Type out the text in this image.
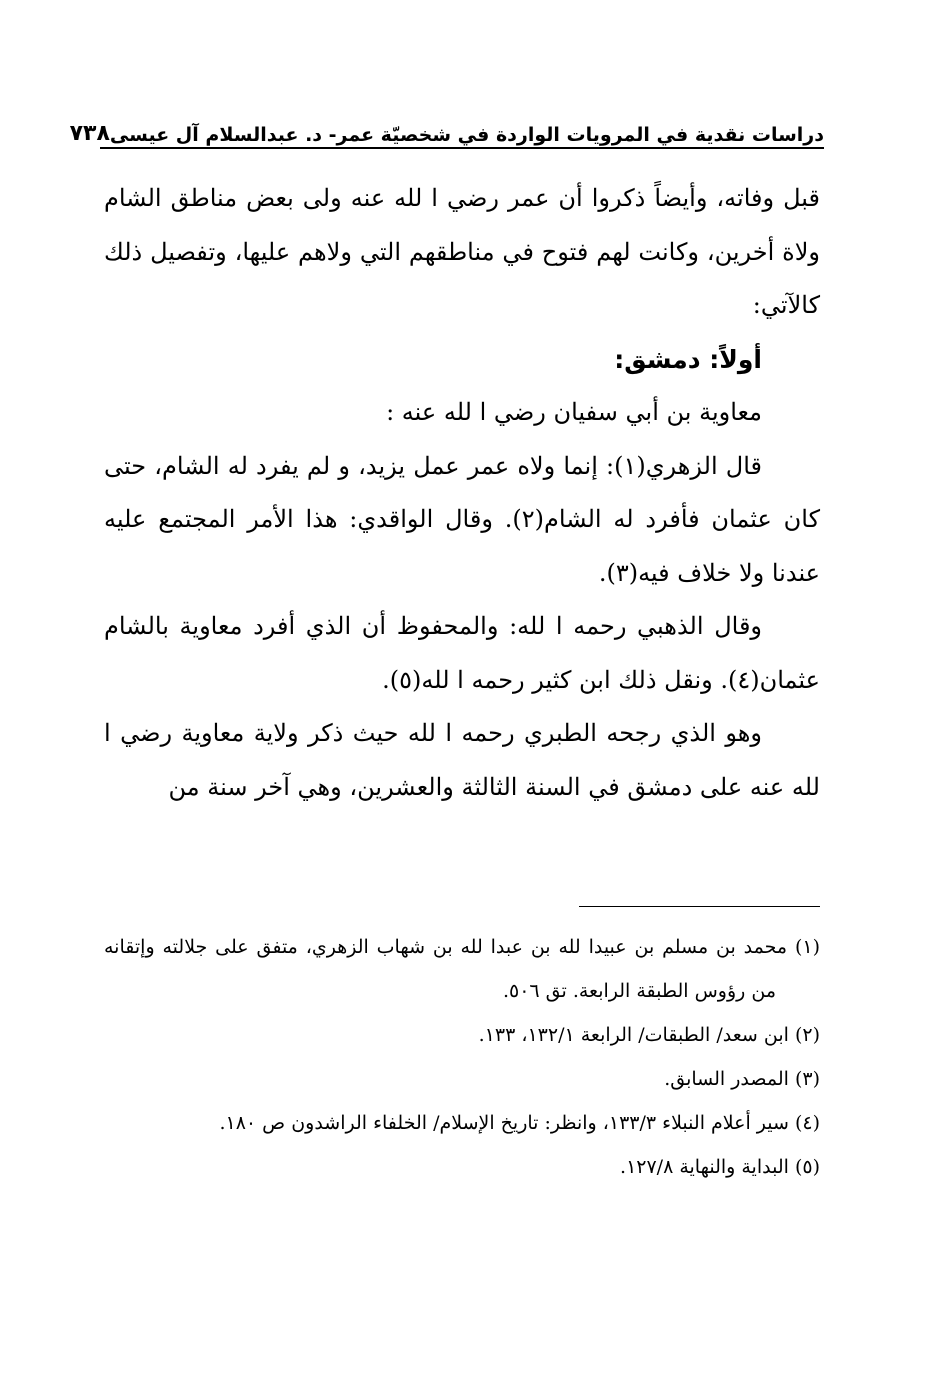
دراسات نقدية في المرويات الواردة في شخصيّة عمر- د. عبدالسلام آل عيسى
٧٣٨

قبل وفاته، وأيضاً ذكروا أن عمر رضي ا لله عنه ولى بعض مناطق الشام ولاة أخرين، وكانت لهم فتوح في مناطقهم التي ولاهم عليها، وتفصيل ذلك كالآتي:

أولاً: دمشق:

معاوية بن أبي سفيان رضي ا لله عنه :

قال الزهري(١): إنما ولاه عمر عمل يزيد، و لم يفرد له الشام، حتى كان عثمان فأفرد له الشام(٢). وقال الواقدي: هذا الأمر المجتمع عليه عندنا ولا خلاف فيه(٣).

وقال الذهبي رحمه ا لله: والمحفوظ أن الذي أفرد معاوية بالشام عثمان(٤). ونقل ذلك ابن كثير رحمه ا لله(٥).

وهو الذي رجحه الطبري رحمه ا لله حيث ذكر ولاية معاوية رضي ا لله عنه على دمشق في السنة الثالثة والعشرين، وهي آخر سنة من

(١) محمد بن مسلم بن عبيدا لله بن عبدا لله بن شهاب الزهري، متفق على جلالته وإتقانه من رؤوس الطبقة الرابعة. تق ٥٠٦.

(٢) ابن سعد/ الطبقات/ الرابعة ١٣٢/١، ١٣٣.

(٣) المصدر السابق.

(٤) سير أعلام النبلاء ١٣٣/٣، وانظر: تاريخ الإسلام/ الخلفاء الراشدون ص ١٨٠.

(٥) البداية والنهاية ١٢٧/٨.
